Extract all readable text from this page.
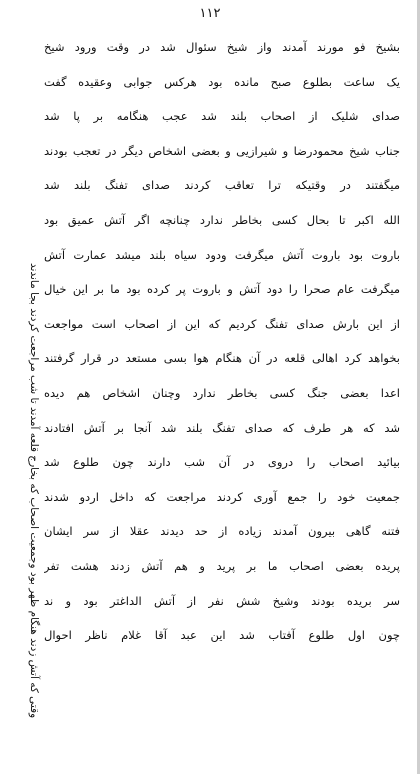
١١٢
بشیخ فو مورند آمدند واز شیخ سئوال شد در وقت ورود شیخ
یک ساعت بطلوع صبح مانده بود هرکس جوابی وعقیده گفت
صدای شلیک از اصحاب بلند شد عجب هنگامه بر پا شد
جناب شیخ محمودرضا و شیرازیی و بعضی اشخاص دیگر در تعجب بودند
میگفتند در وقتیکه ترا تعاقب کردند صدای تفنگ بلند شد
الله اکبر تا بحال کسی بخاطر ندارد چنانچه اگر آتش عمیق بود
باروت بود باروت آتش میگرفت ودود سیاه بلند میشد عمارت آتش
میگرفت عام صحرا را دود آتش و باروت پر کرده بود ما بر این خیال
از این بارش صدای تفنگ کردیم که این از اصحاب است مواجعت
بخواهد کرد اهالی قلعه در آن هنگام هوا بسی مستعد در قرار گرفتند
اعدا بعضی جنگ کسی بخاطر ندارد وچنان اشخاص هم دیده
شد که هر طرف که صدای تفنگ بلند شد آنجا بر آتش افتادند
بیائید اصحاب را دروی در آن شب دارند چون طلوع شد
جمعیت خود را جمع آوری کردند مراجعت که داخل اردو شدند
فتنه گاهی بیرون آمدند زیاده از حد دیدند عقلا از سر ایشان
پریده بعضی اصحاب ما بر پرید و هم آتش زدند هشت تفر
سر بریده بودند وشیخ شش نفر از آتش الداغتر بود و ند
چون اول طلوع آفتاب شد این عبد آقا غلام ناظر احوال
وقتی که آتش زدند هنگام ظهر بود وجمعیت اصحاب که بخارج قلعه آمدند تا شب مراجعت کردند بجا ماندند
